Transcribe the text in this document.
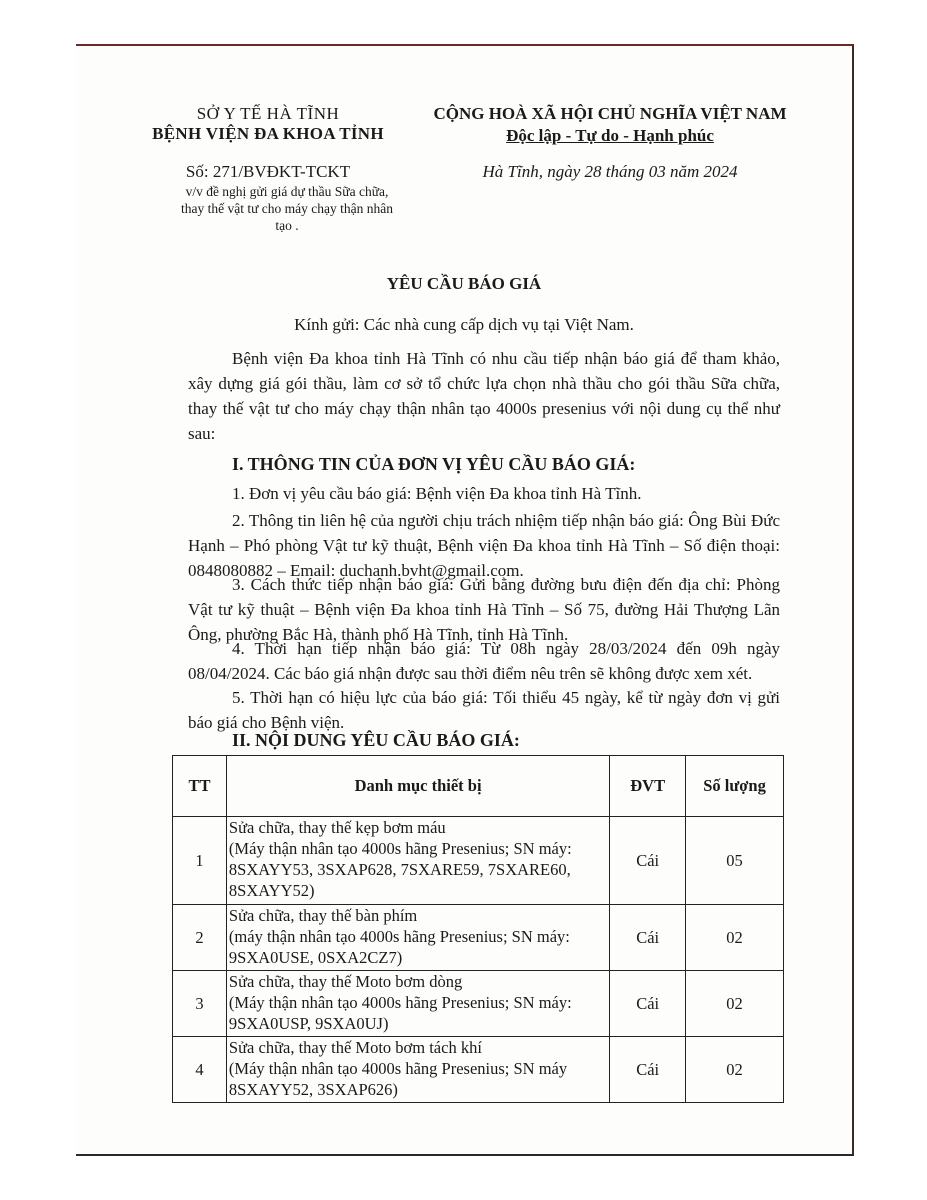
SỞ Y TẾ HÀ TĨNH
BỆNH VIỆN ĐA KHOA TỈNH
Số: 271/BVĐKT-TCKT
v/v đề nghị gửi giá dự thầu Sữa chữa,
thay thế vật tư cho máy chạy thận nhân
tạo .
CỘNG HOÀ XÃ HỘI CHỦ NGHĨA VIỆT NAM
Độc lập - Tự do - Hạnh phúc
Hà Tĩnh, ngày 28 tháng 03 năm 2024
YÊU CẦU BÁO GIÁ
Kính gửi: Các nhà cung cấp dịch vụ tại Việt Nam.
Bệnh viện Đa khoa tỉnh Hà Tĩnh có nhu cầu tiếp nhận báo giá để tham khảo, xây dựng giá gói thầu, làm cơ sở tổ chức lựa chọn nhà thầu cho gói thầu Sữa chữa, thay thế vật tư cho máy chạy thận nhân tạo 4000s presenius với nội dung cụ thể như sau:
I. THÔNG TIN CỦA ĐƠN VỊ YÊU CẦU BÁO GIÁ:
1. Đơn vị yêu cầu báo giá: Bệnh viện Đa khoa tỉnh Hà Tĩnh.
2. Thông tin liên hệ của người chịu trách nhiệm tiếp nhận báo giá: Ông Bùi Đức Hạnh – Phó phòng Vật tư kỹ thuật, Bệnh viện Đa khoa tỉnh Hà Tĩnh – Số điện thoại: 0848080882 – Email: duchanh.bvht@gmail.com.
3. Cách thức tiếp nhận báo giá: Gửi bằng đường bưu điện đến địa chỉ: Phòng Vật tư kỹ thuật – Bệnh viện Đa khoa tỉnh Hà Tĩnh – Số 75, đường Hải Thượng Lãn Ông, phường Bắc Hà, thành phố Hà Tĩnh, tỉnh Hà Tĩnh.
4. Thời hạn tiếp nhận báo giá: Từ 08h ngày 28/03/2024 đến 09h ngày 08/04/2024. Các báo giá nhận được sau thời điểm nêu trên sẽ không được xem xét.
5. Thời hạn có hiệu lực của báo giá: Tối thiểu 45 ngày, kể từ ngày đơn vị gửi báo giá cho Bệnh viện.
II. NỘI DUNG YÊU CẦU BÁO GIÁ:
TT	Danh mục thiết bị	ĐVT	Số lượng
1	Sửa chữa, thay thế kẹp bơm máu
(Máy thận nhân tạo 4000s hãng Presenius; SN máy:
8SXAYY53, 3SXAP628, 7SXARE59, 7SXARE60,
8SXAYY52)	Cái	05
2	Sửa chữa, thay thế bàn phím
(máy thận nhân tạo 4000s hãng Presenius; SN máy:
9SXA0USE, 0SXA2CZ7)	Cái	02
3	Sửa chữa, thay thế Moto bơm dòng
(Máy thận nhân tạo 4000s hãng Presenius; SN máy:
9SXA0USP, 9SXA0UJ)	Cái	02
4	Sửa chữa, thay thế Moto bơm tách khí
(Máy thận nhân tạo 4000s hãng Presenius; SN máy
8SXAYY52, 3SXAP626)	Cái	02
